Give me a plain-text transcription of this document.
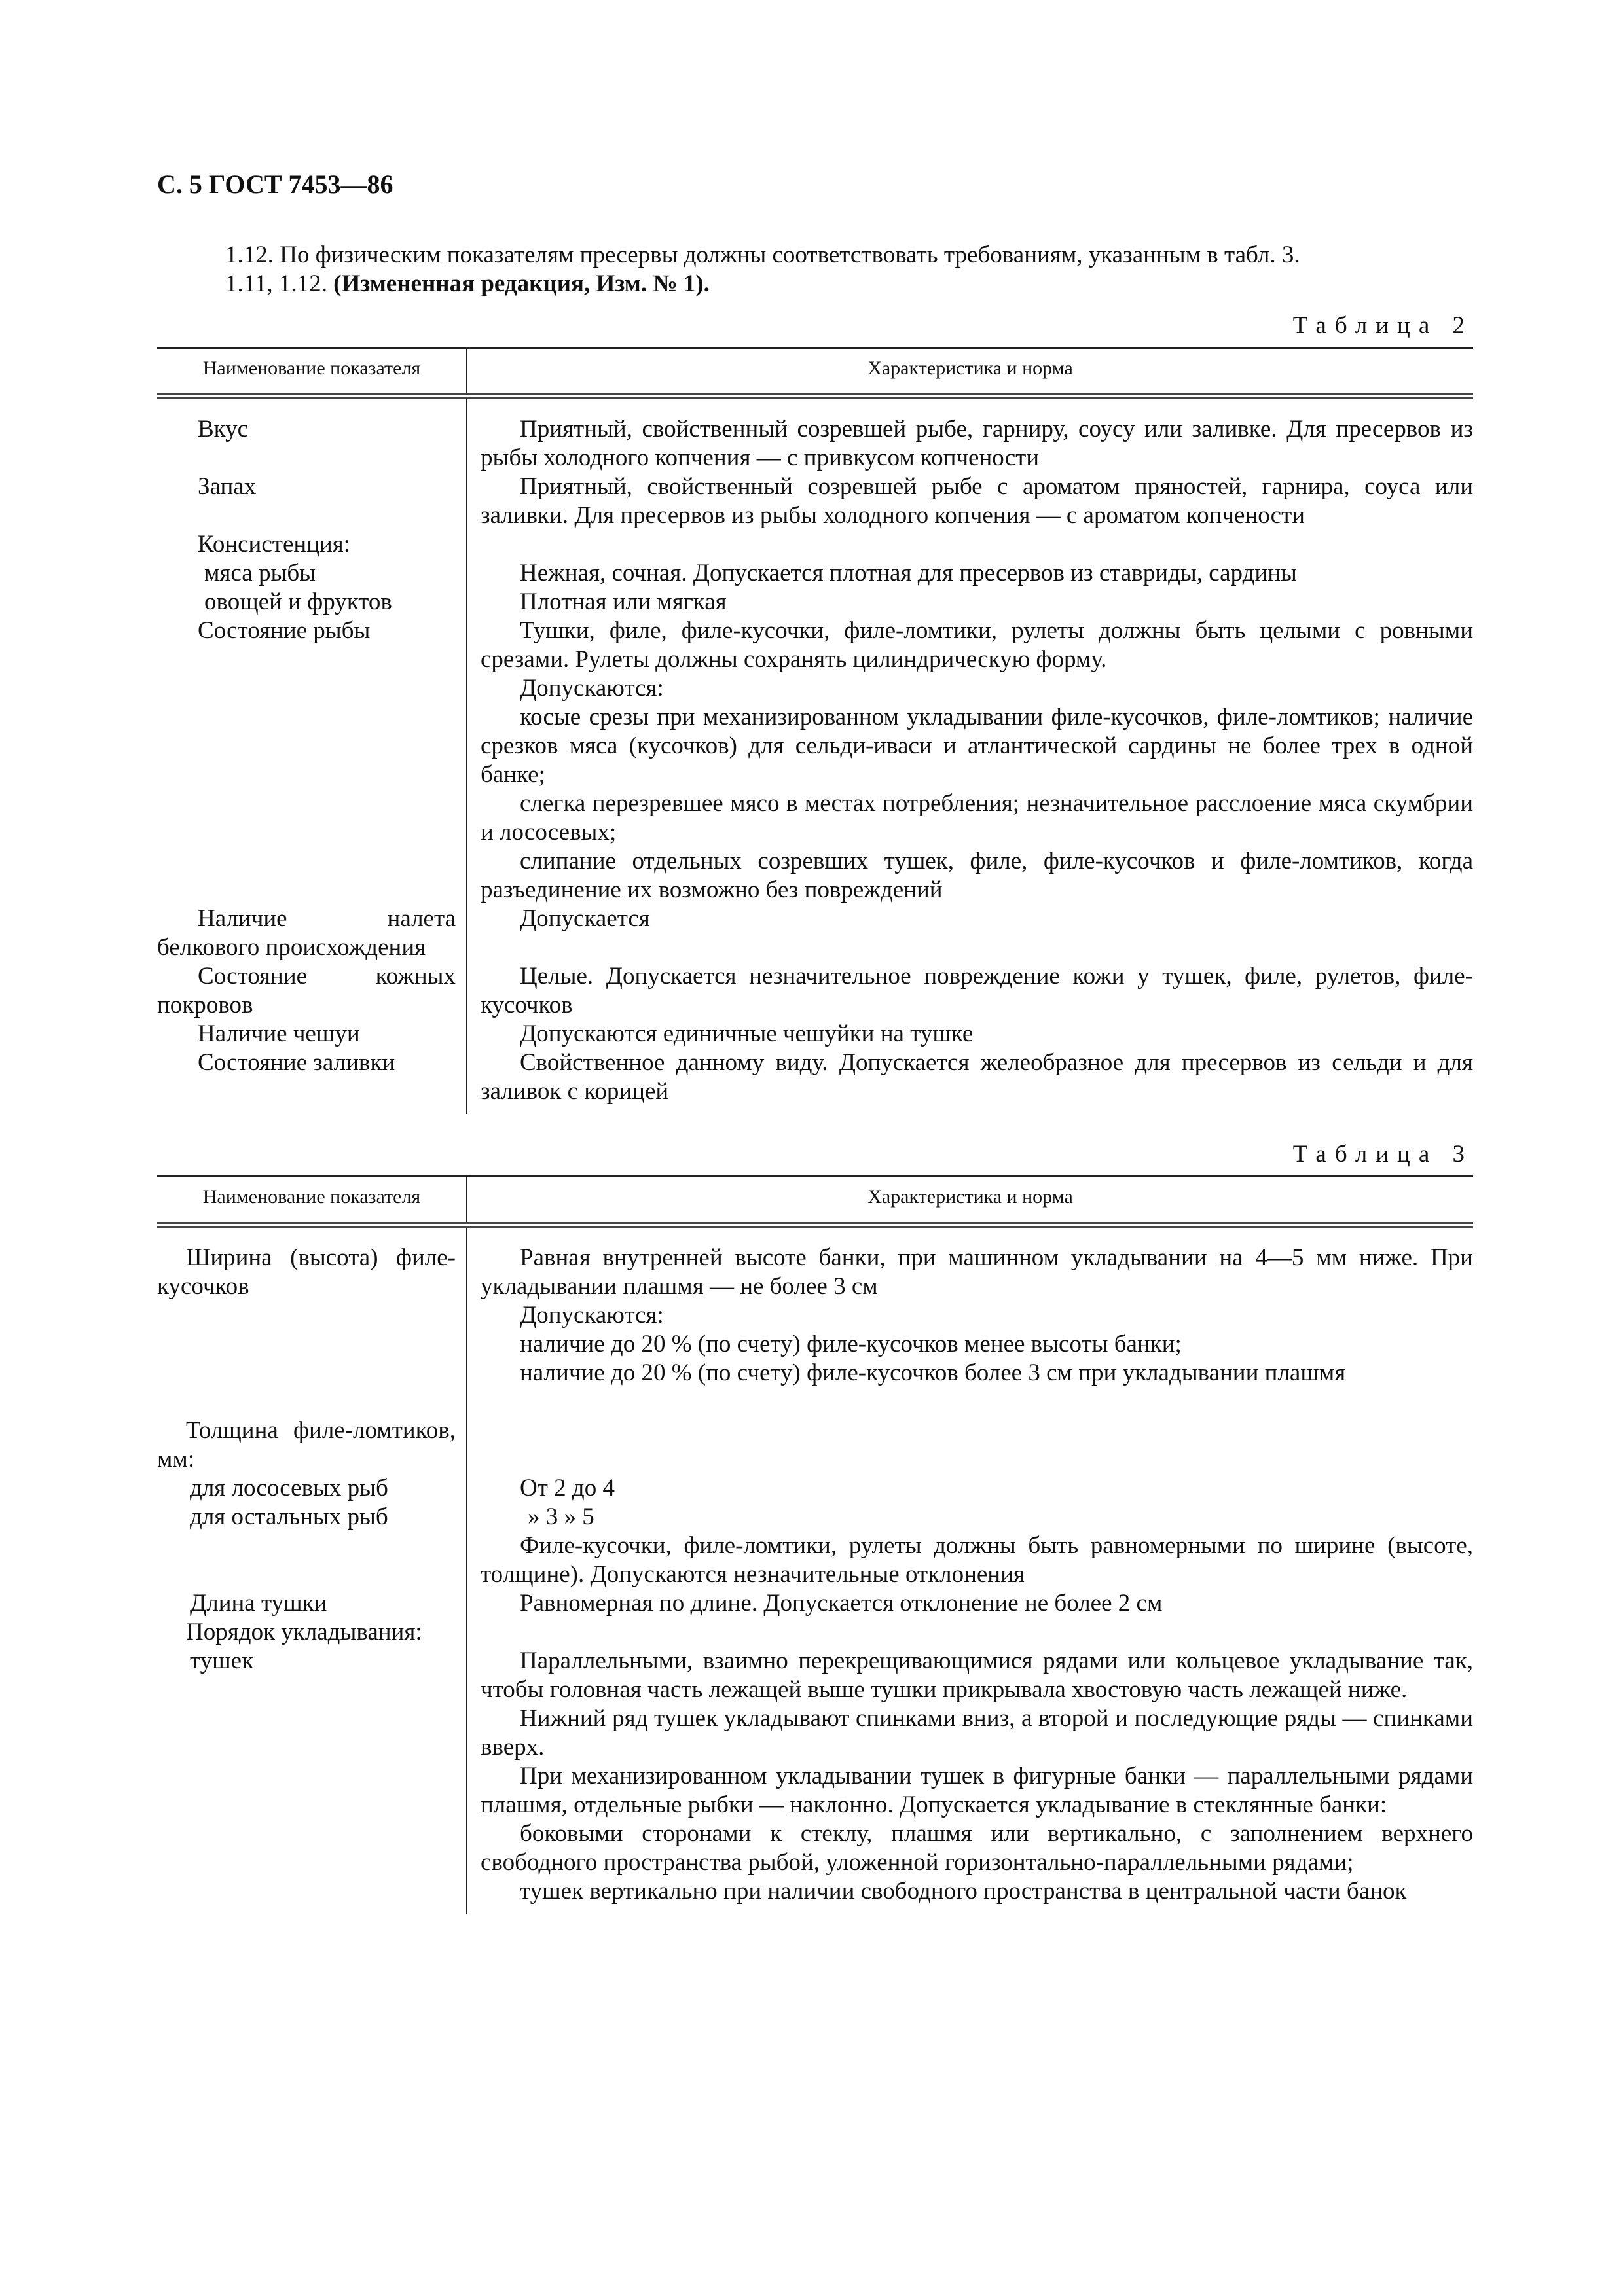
С. 5 ГОСТ 7453—86
1.12. По физическим показателям пресервы должны соответствовать требованиям, указанным в табл. 3.
1.11, 1.12. (Измененная редакция, Изм. № 1).
Таблица 2
Наименование показателя	Характеристика и норма

Вкус	Приятный, свойственный созревшей рыбе, гарниру, соусу или заливке. Для пресервов из рыбы холодного копчения — с привкусом копчености

Запах	Приятный, свойственный созревшей рыбе с ароматом пряностей, гарнира, соуса или заливки. Для пресервов из рыбы холодного копчения — с ароматом копчености

Консистенция:	

мяса рыбы	Нежная, сочная. Допускается плотная для пресервов из ставриды, сардины

овощей и фруктов	Плотная или мягкая

Состояние рыбы	Тушки, филе, филе-кусочки, филе-ломтики, рулеты должны быть целыми с ровными срезами. Рулеты должны сохранять цилиндрическую форму.
Допускаются:
косые срезы при механизированном укладывании филе-кусочков, филе-ломтиков; наличие срезков мяса (кусочков) для сельди-иваси и атлантической сардины не более трех в одной банке;
слегка перезревшее мясо в местах потребления; незначительное расслоение мяса скумбрии и лососевых;
слипание отдельных созревших тушек, филе, филе-кусочков и филе-ломтиков, когда разъединение их возможно без повреждений

Наличие налета белкового происхождения	Допускается

Состояние кожных покровов	Целые. Допускается незначительное повреждение кожи у тушек, филе, рулетов, филе-кусочков

Наличие чешуи	Допускаются единичные чешуйки на тушке

Состояние заливки	Свойственное данному виду. Допускается желеобразное для пресервов из сельди и для заливок с корицей
Таблица 3
Наименование показателя	Характеристика и норма

Ширина (высота) филе-кусочков	Равная внутренней высоте банки, при машинном укладывании на 4—5 мм ниже. При укладывании плашмя — не более 3 см
Допускаются:
наличие до 20 % (по счету) филе-кусочков менее высоты банки;
наличие до 20 % (по счету) филе-кусочков более 3 см при укладывании плашмя

Толщина филе-ломтиков, мм:	

для лососевых рыб	От 2 до 4

для остальных рыб	» 3 » 5
Филе-кусочки, филе-ломтики, рулеты должны быть равномерными по ширине (высоте, толщине). Допускаются незначительные отклонения

Длина тушки	Равномерная по длине. Допускается отклонение не более 2 см

Порядок укладывания:	

тушек	Параллельными, взаимно перекрещивающимися рядами или кольцевое укладывание так, чтобы головная часть лежащей выше тушки прикрывала хвостовую часть лежащей ниже.
Нижний ряд тушек укладывают спинками вниз, а второй и последующие ряды — спинками вверх.
При механизированном укладывании тушек в фигурные банки — параллельными рядами плашмя, отдельные рыбки — наклонно. Допускается укладывание в стеклянные банки:
боковыми сторонами к стеклу, плашмя или вертикально, с заполнением верхнего свободного пространства рыбой, уложенной горизонтально-параллельными рядами;
тушек вертикально при наличии свободного пространства в центральной части банок
